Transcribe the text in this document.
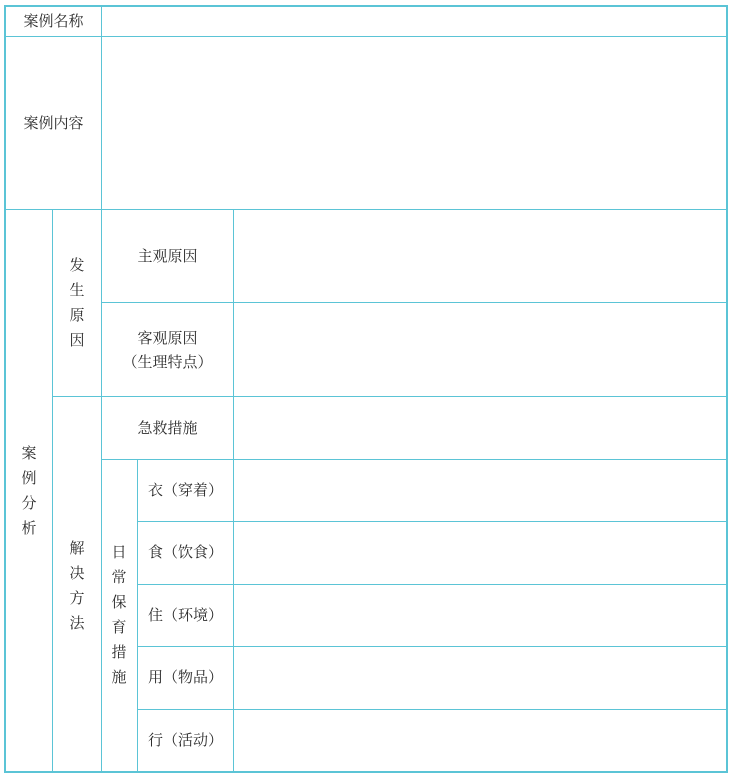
案例名称
案例内容
案例分析
发生原因
主观原因
客观原因
（生理特点）
解决方法
急救措施
日常保育措施
衣（穿着）
食（饮食）
住（环境）
用（物品）
行（活动）
